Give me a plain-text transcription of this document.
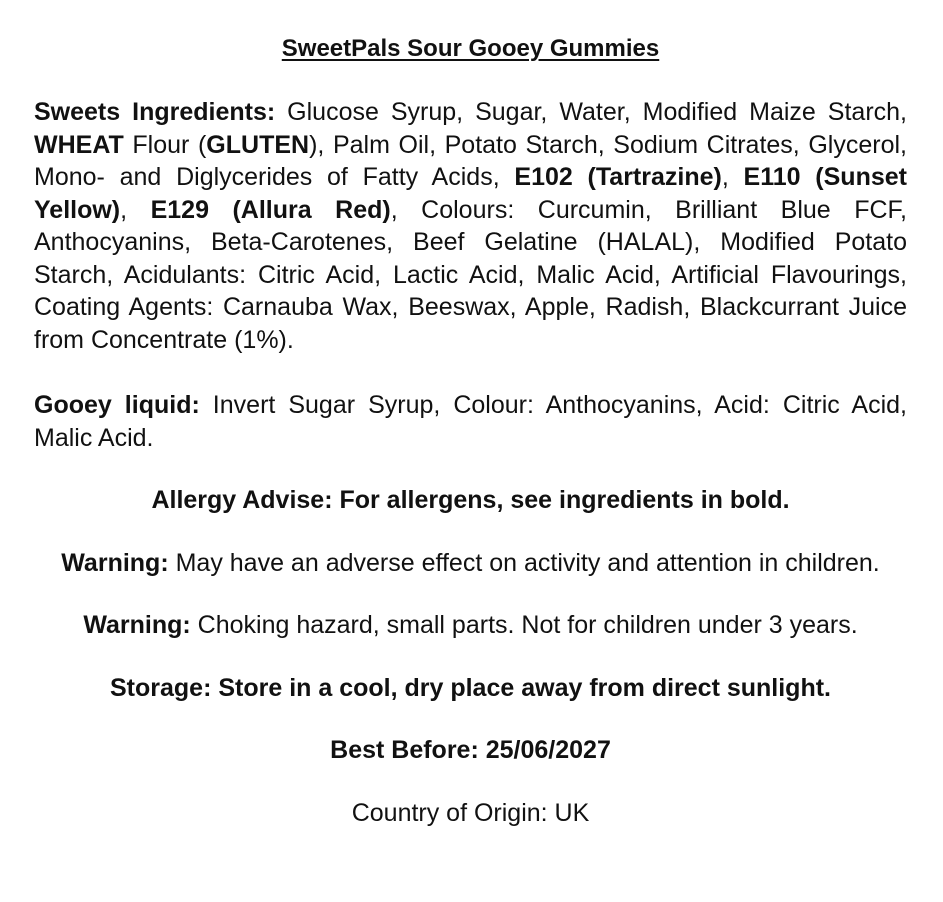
SweetPals Sour Gooey Gummies

Sweets Ingredients: Glucose Syrup, Sugar, Water, Modified Maize Starch, WHEAT Flour (GLUTEN), Palm Oil, Potato Starch, Sodium Citrates, Glycerol, Mono- and Diglycerides of Fatty Acids, E102 (Tartrazine), E110 (Sunset Yellow), E129 (Allura Red), Colours: Curcumin, Brilliant Blue FCF, Anthocyanins, Beta-Carotenes, Beef Gelatine (HALAL), Modified Potato Starch, Acidulants: Citric Acid, Lactic Acid, Malic Acid, Artificial Flavourings, Coating Agents: Carnauba Wax, Beeswax, Apple, Radish, Blackcurrant Juice from Concentrate (1%).

Gooey liquid: Invert Sugar Syrup, Colour: Anthocyanins, Acid: Citric Acid, Malic Acid.

Allergy Advise: For allergens, see ingredients in bold.

Warning: May have an adverse effect on activity and attention in children.

Warning: Choking hazard, small parts. Not for children under 3 years.

Storage: Store in a cool, dry place away from direct sunlight.

Best Before: 25/06/2027

Country of Origin: UK
